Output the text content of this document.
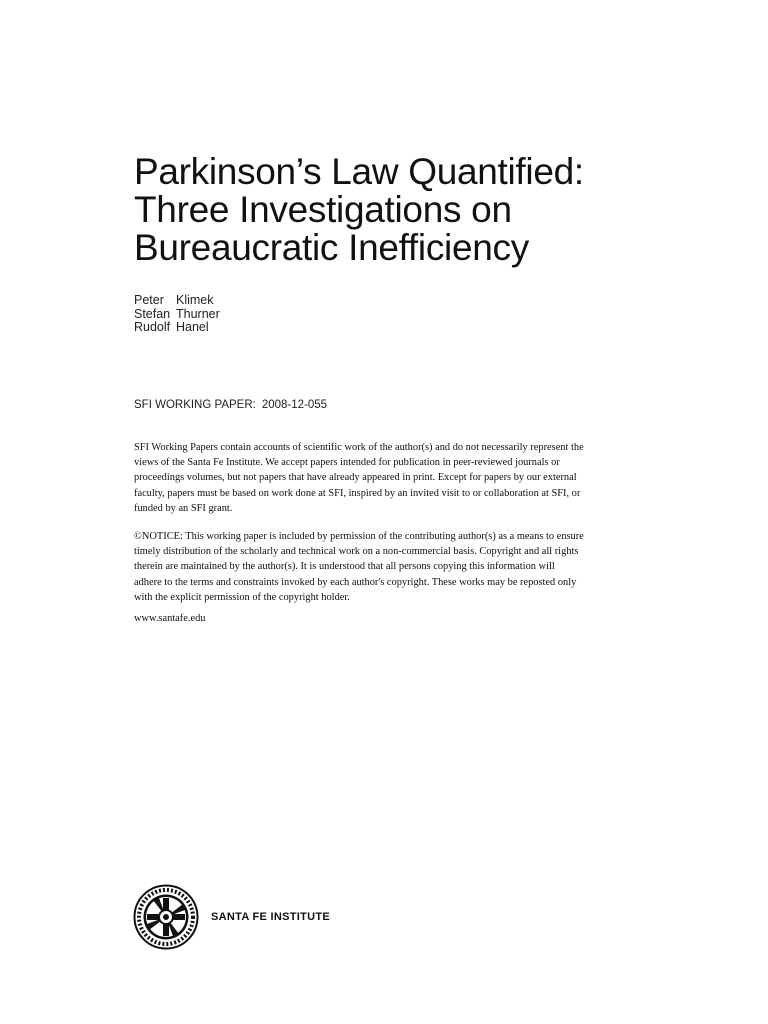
Parkinson’s Law Quantified:
Three Investigations on
Bureaucratic Inefficiency
Peter Klimek
Stefan Thurner
Rudolf Hanel
SFI WORKING PAPER: 2008-12-055

SFI Working Papers contain accounts of scientific work of the author(s) and do not necessarily represent the
views of the Santa Fe Institute. We accept papers intended for publication in peer-reviewed journals or
proceedings volumes, but not papers that have already appeared in print. Except for papers by our external
faculty, papers must be based on work done at SFI, inspired by an invited visit to or collaboration at SFI, or
funded by an SFI grant.

©NOTICE: This working paper is included by permission of the contributing author(s) as a means to ensure
timely distribution of the scholarly and technical work on a non-commercial basis. Copyright and all rights
therein are maintained by the author(s). It is understood that all persons copying this information will
adhere to the terms and constraints invoked by each author's copyright. These works may be reposted only
with the explicit permission of the copyright holder.

www.santafe.edu
SANTA FE INSTITUTE
